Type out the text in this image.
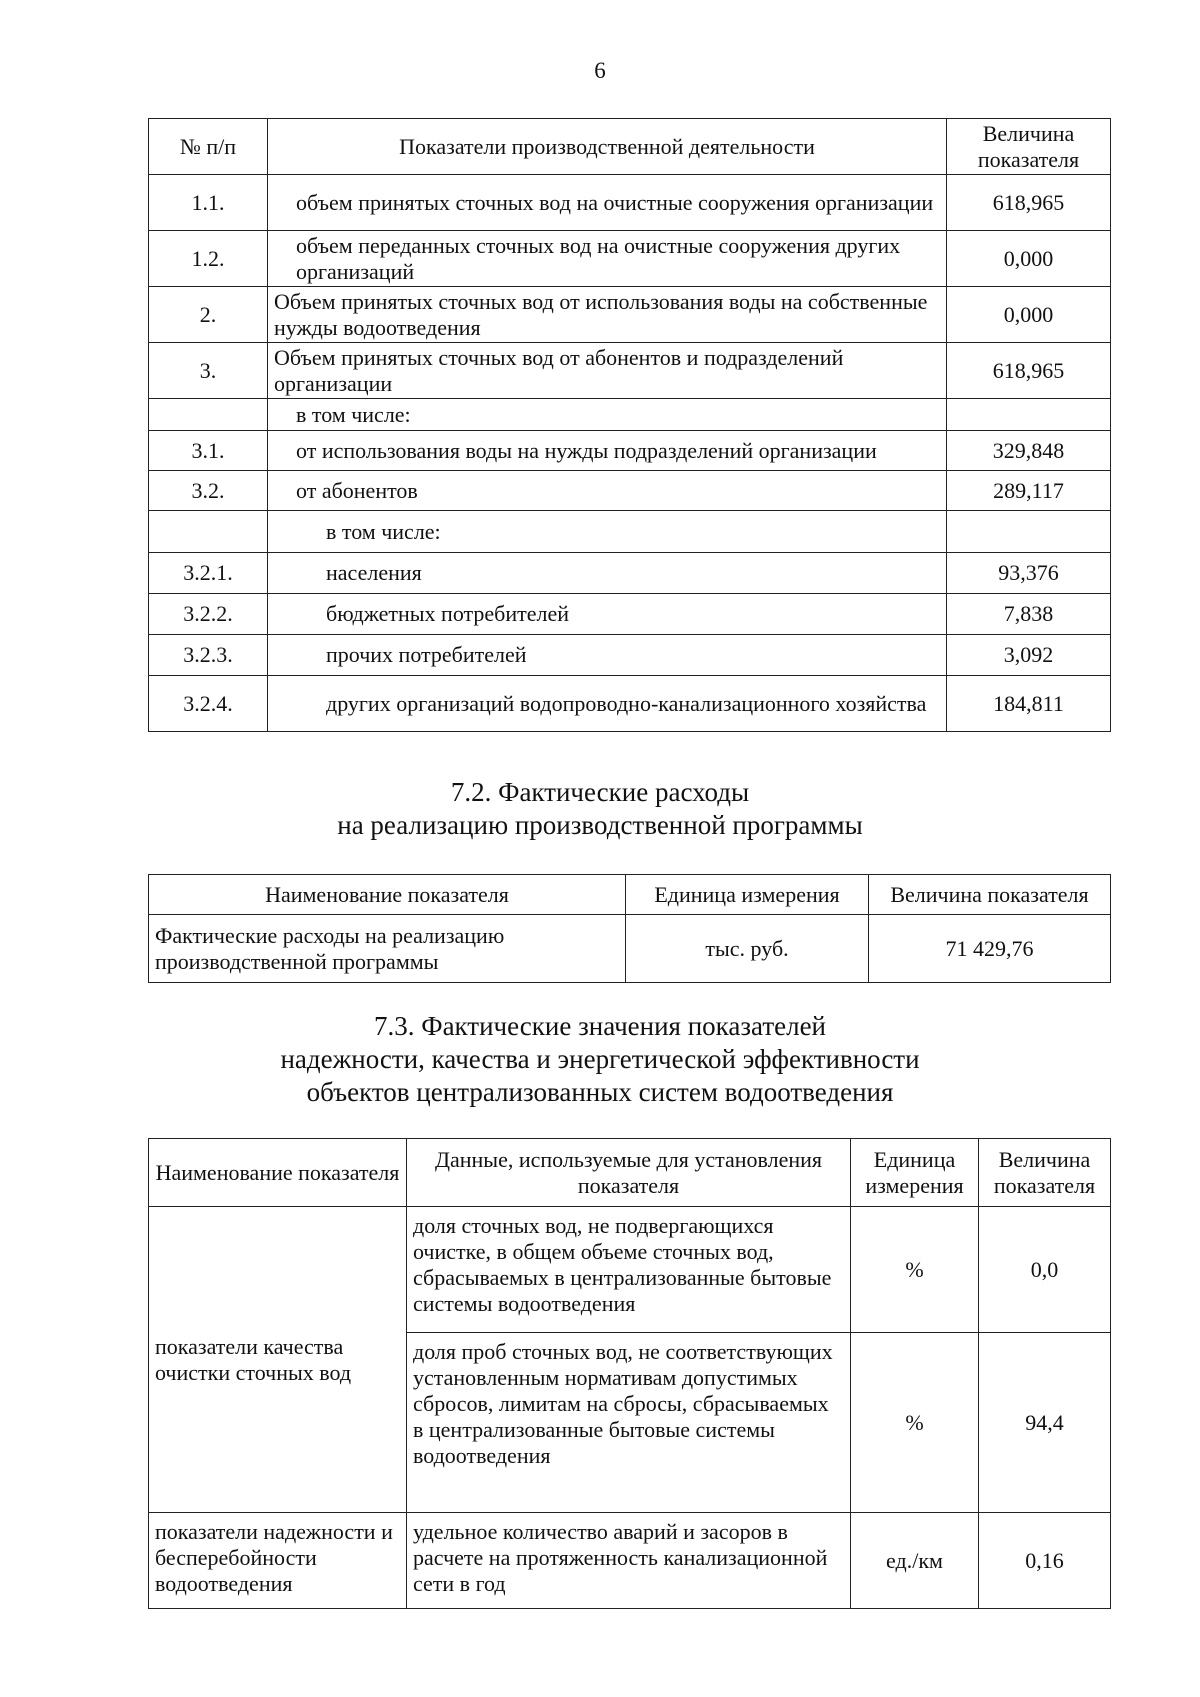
6
№ п/п	Показатели производственной деятельности	Величина показателя
1.1.	объем принятых сточных вод на очистные сооружения организации	618,965
1.2.	объем переданных сточных вод на очистные сооружения других организаций	0,000
2.	Объем принятых сточных вод от использования воды на собственные нужды водоотведения	0,000
3.	Объем принятых сточных вод от абонентов и подразделений организации	618,965
	в том числе:	
3.1.	от использования воды на нужды подразделений организации	329,848
3.2.	от абонентов	289,117
	в том числе:	
3.2.1.	населения	93,376
3.2.2.	бюджетных потребителей	7,838
3.2.3.	прочих потребителей	3,092
3.2.4.	других организаций водопроводно-канализационного хозяйства	184,811
7.2. Фактические расходы
на реализацию производственной программы
Наименование показателя	Единица измерения	Величина показателя
Фактические расходы на реализацию производственной программы	тыс. руб.	71 429,76
7.3. Фактические значения показателей
надежности, качества и энергетической эффективности
объектов централизованных систем водоотведения
Наименование показателя	Данные, используемые для установления показателя	Единица измерения	Величина показателя
показатели качества очистки сточных вод	доля сточных вод, не подвергающихся очистке, в общем объеме сточных вод, сбрасываемых в централизованные бытовые системы водоотведения	%	0,0
	доля проб сточных вод, не соответствующих установленным нормативам допустимых сбросов, лимитам на сбросы, сбрасываемых в централизованные бытовые системы водоотведения	%	94,4
показатели надежности и бесперебойности водоотведения	удельное количество аварий и засоров в расчете на протяженность канализационной сети в год	ед./км	0,16
